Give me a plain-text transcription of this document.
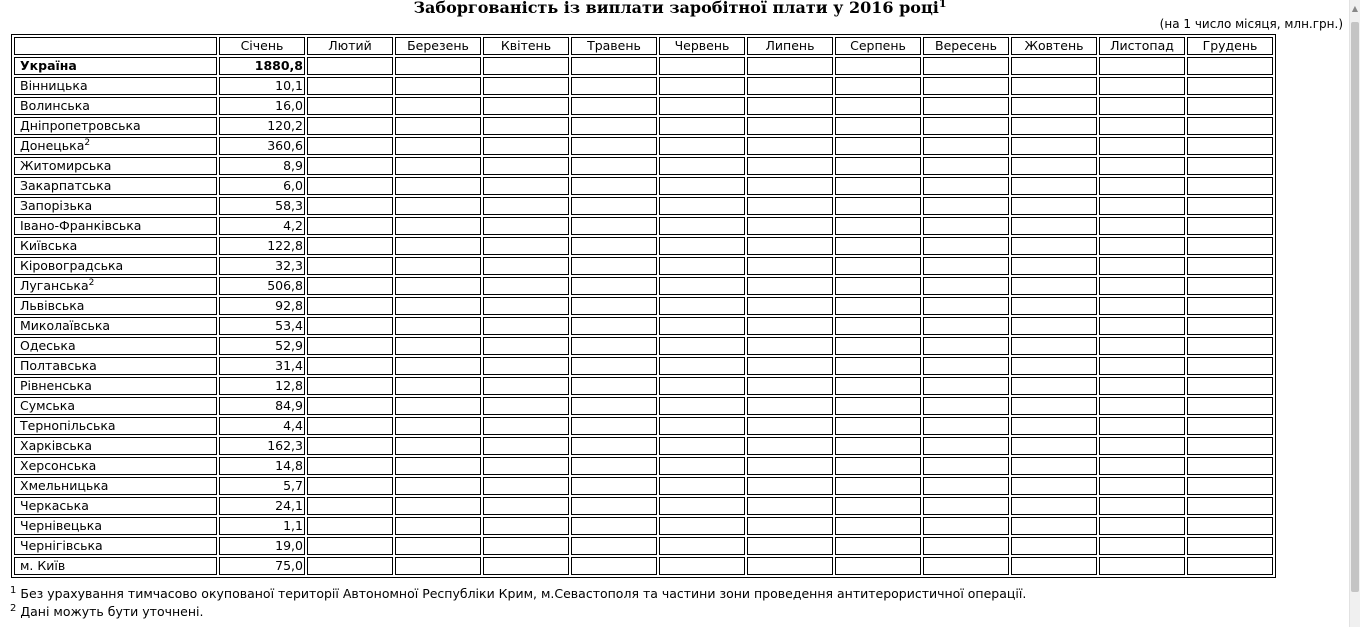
Заборгованість із виплати заробітної плати у 2016 році$^1$
(на 1 число місяця, млн.грн.)
	Січень	Лютий	Березень	Квітень	Травень	Червень	Липень	Серпень	Вересень	Жовтень	Листопад	Грудень
Україна	1880,8											
Вінницька	10,1											
Волинська	16,0											
Дніпропетровська	120,2											
Донецька$^2$	360,6											
Житомирська	8,9											
Закарпатська	6,0											
Запорізька	58,3											
Івано-Франківська	4,2											
Київська	122,8											
Кіровоградська	32,3											
Луганська$^2$	506,8											
Львівська	92,8											
Миколаївська	53,4											
Одеська	52,9											
Полтавська	31,4											
Рівненська	12,8											
Сумська	84,9											
Тернопільська	4,4											
Харківська	162,3											
Херсонська	14,8											
Хмельницька	5,7											
Черкаська	24,1											
Чернівецька	1,1											
Чернігівська	19,0											
м. Київ	75,0											
$^1$ Без урахування тимчасово окупованої території Автономної Республіки Крим, м.Севастополя та частини зони проведення антитерористичної операції.
$^2$ Дані можуть бути уточнені.
▲
